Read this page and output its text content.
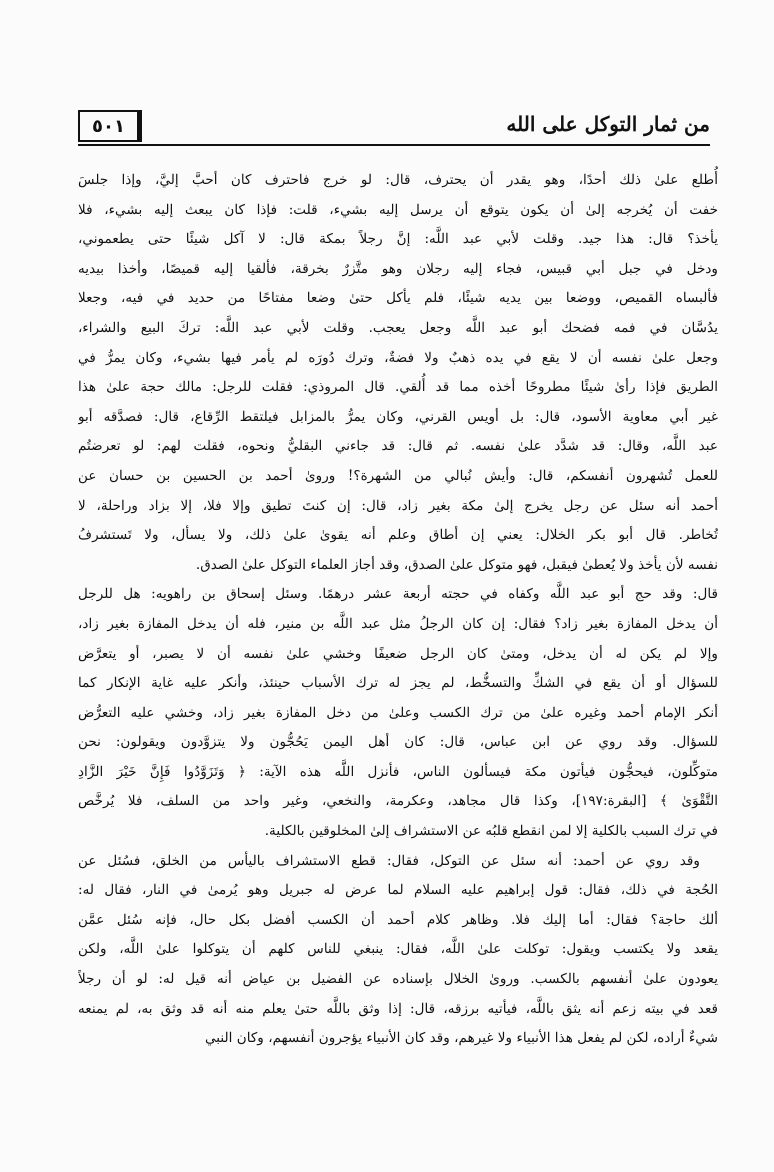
من ثمار التوكل على الله
٥٠١
أُطلع علىٰ ذلك أحدًا، وهو يقدر أن يحترف، قال: لو خرج فاحترف كان أحبَّ إليَّ، وإذا جلسَ
خفت أن يُخرجه إلىٰ أن يكون يتوقع أن يرسل إليه بشيء، قلت: فإذا كان يبعث إليه بشيء، فلا
يأخذ؟ قال: هذا جيد. وقلت لأبي عبد اللَّه: إنَّ رجلاً بمكة قال: لا آكل شيئًا حتى يطعموني،
ودخل في جبل أبي قبيس، فجاء إليه رجلان وهو متَّزرٌ بخرقة، فألقيا إليه قميصًا، وأخذا بيديه
فألبساه القميص، ووضعا بين يديه شيئًا، فلم يأكل حتىٰ وضعا مفتاحًا من حديد في فيه، وجعلا
يدُسَّان في فمه فضحك أبو عبد اللَّه وجعل يعجب. وقلت لأبي عبد اللَّه: تركَ البيع والشراء،
وجعل علىٰ نفسه أن لا يقع في يده ذهبٌ ولا فضةٌ، وترك دُورَه لم يأمر فيها بشيء، وكان يمرُّ في
الطريق فإذا رأىٰ شيئًا مطروحًا أخذه مما قد أُلقي. قال المروذي: فقلت للرجل: مالك حجة علىٰ هذا
غير أبي معاوية الأسود، قال: بل أويس القرني، وكان يمرُّ بالمزابل فيلتقط الرِّقاع، قال: فصدَّقه أبو
عبد اللَّه، وقال: قد شدَّد علىٰ نفسه. ثم قال: قد جاءني البقليُّ ونحوه، فقلت لهم: لو تعرضتُم
للعمل تُشهرون أنفسكم، قال: وأيش نُبالي من الشهرة؟! وروىٰ أحمد بن الحسين بن حسان عن
أحمد أنه سئل عن رجل يخرج إلىٰ مكة بغير زاد، قال: إن كنتَ تطيق وإلا فلا، إلا بزاد وراحلة، لا
تُخاطر. قال أبو بكر الخلال: يعني إن أطاق وعلم أنه يقوىٰ علىٰ ذلك، ولا يسأل، ولا تَستشرفُ
نفسه لأن يأخذ ولا يُعطىٰ فيقبل، فهو متوكل علىٰ الصدق، وقد أجاز العلماء التوكل علىٰ الصدق.
قال: وقد حج أبو عبد اللَّه وكفاه في حجته أربعة عشر درهمًا. وسئل إسحاق بن راهويه: هل للرجل
أن يدخل المفازة بغير زاد؟ فقال: إن كان الرجلُ مثل عبد اللَّه بن منير، فله أن يدخل المفازة بغير زاد،
وإلا لم يكن له أن يدخل، ومتىٰ كان الرجل ضعيفًا وخشي علىٰ نفسه أن لا يصبر، أو يتعرَّض
للسؤال أو أن يقع في الشكِّ والتسخُّط، لم يجز له ترك الأسباب حينئذ، وأنكر عليه غاية الإنكار كما
أنكر الإمام أحمد وغيره علىٰ من ترك الكسب وعلىٰ من دخل المفازة بغير زاد، وخشي عليه التعرُّض
للسؤال. وقد روي عن ابن عباس، قال: كان أهل اليمن يَحُجُّون ولا يتزوَّدون ويقولون: نحن
متوكِّلون، فيحجُّون فيأتون مكة فيسألون الناس، فأنزل اللَّه هذه الآية: ﴿ وَتَزَوَّدُوا فَإِنَّ خَيْرَ الزَّادِ
التَّقْوَىٰ ﴾ [البقرة:١٩٧]، وكذا قال مجاهد، وعكرمة، والنخعي، وغير واحد من السلف، فلا يُرخَّص
في ترك السبب بالكلية إلا لمن انقطع قلبُه عن الاستشراف إلىٰ المخلوقين بالكلية.
وقد روي عن أحمد: أنه سئل عن التوكل، فقال: قطع الاستشراف باليأس من الخلق، فسُئل عن
الحُجة في ذلك، فقال: قول إبراهيم عليه السلام لما عرض له جبريل وهو يُرمىٰ في النار، فقال له:
ألك حاجة؟ فقال: أما إليك فلا. وظاهر كلام أحمد أن الكسب أفضل بكل حال، فإنه سُئل عمَّن
يقعد ولا يكتسب ويقول: توكلت علىٰ اللَّه، فقال: ينبغي للناس كلهم أن يتوكلوا علىٰ اللَّه، ولكن
يعودون علىٰ أنفسهم بالكسب. وروىٰ الخلال بإسناده عن الفضيل بن عياض أنه قيل له: لو أن رجلاً
قعد في بيته زعم أنه يثق باللَّه، فيأتيه برزقه، قال: إذا وثق باللَّه حتىٰ يعلم منه أنه قد وثق به، لم يمنعه
شيءٌ أراده، لكن لم يفعل هذا الأنبياء ولا غيرهم، وقد كان الأنبياء يؤجرون أنفسهم، وكان النبي
